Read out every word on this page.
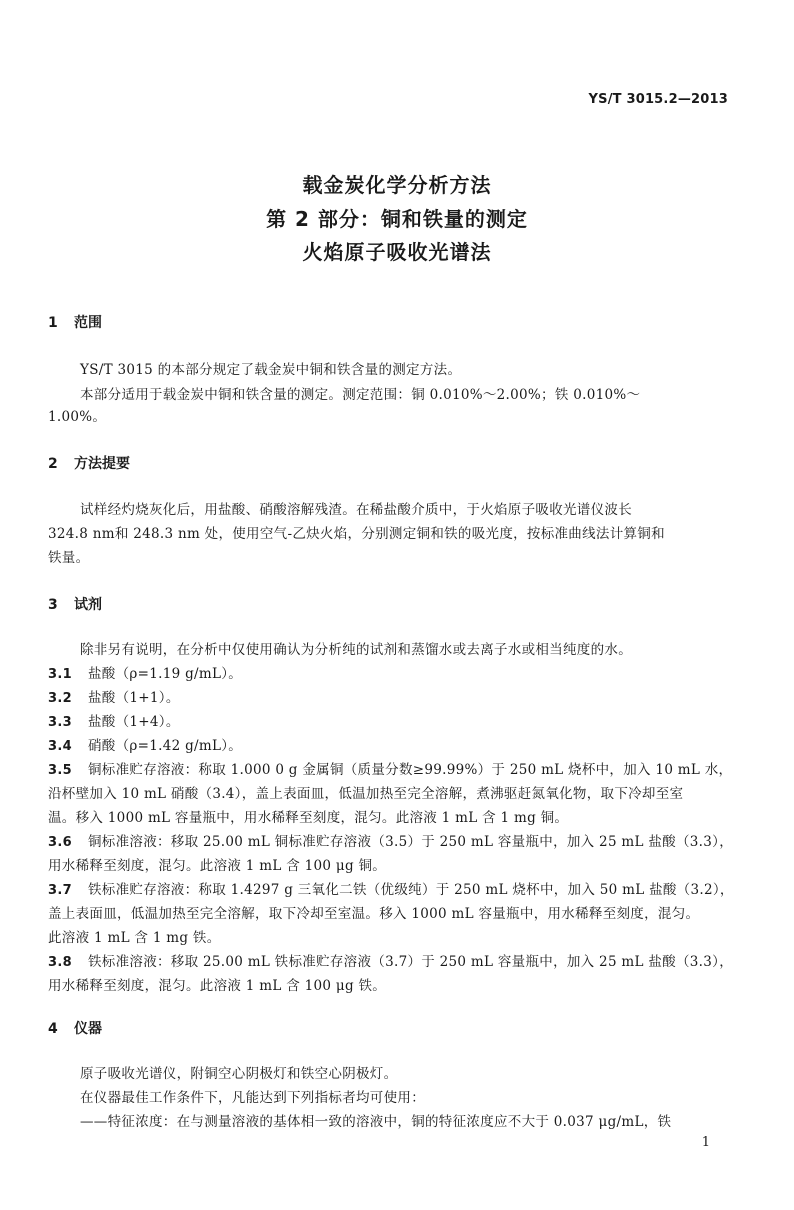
YS/T 3015.2—2013
载金炭化学分析方法
第 2 部分：铜和铁量的测定
火焰原子吸收光谱法
1 范围
YS/T 3015 的本部分规定了载金炭中铜和铁含量的测定方法。
本部分适用于载金炭中铜和铁含量的测定。测定范围：铜 0.010%～2.00%；铁 0.010%～
1.00%。
2 方法提要
试样经灼烧灰化后，用盐酸、硝酸溶解残渣。在稀盐酸介质中，于火焰原子吸收光谱仪波长
324.8 nm和 248.3 nm 处，使用空气-乙炔火焰，分别测定铜和铁的吸光度，按标准曲线法计算铜和
铁量。
3 试剂
除非另有说明，在分析中仅使用确认为分析纯的试剂和蒸馏水或去离子水或相当纯度的水。
3.1 盐酸（ρ=1.19 g/mL）。
3.2 盐酸（1+1）。
3.3 盐酸（1+4）。
3.4 硝酸（ρ=1.42 g/mL）。
3.5 铜标准贮存溶液：称取 1.000 0 g 金属铜（质量分数≥99.99%）于 250 mL 烧杯中，加入 10 mL 水，
沿杯壁加入 10 mL 硝酸（3.4），盖上表面皿，低温加热至完全溶解，煮沸驱赶氮氧化物，取下冷却至室
温。移入 1000 mL 容量瓶中，用水稀释至刻度，混匀。此溶液 1 mL 含 1 mg 铜。
3.6 铜标准溶液：移取 25.00 mL 铜标准贮存溶液（3.5）于 250 mL 容量瓶中，加入 25 mL 盐酸（3.3），
用水稀释至刻度，混匀。此溶液 1 mL 含 100 μg 铜。
3.7 铁标准贮存溶液：称取 1.4297 g 三氧化二铁（优级纯）于 250 mL 烧杯中，加入 50 mL 盐酸（3.2），
盖上表面皿，低温加热至完全溶解，取下冷却至室温。移入 1000 mL 容量瓶中，用水稀释至刻度，混匀。
此溶液 1 mL 含 1 mg 铁。
3.8 铁标准溶液：移取 25.00 mL 铁标准贮存溶液（3.7）于 250 mL 容量瓶中，加入 25 mL 盐酸（3.3），
用水稀释至刻度，混匀。此溶液 1 mL 含 100 μg 铁。
4 仪器
原子吸收光谱仪，附铜空心阴极灯和铁空心阴极灯。
在仪器最佳工作条件下，凡能达到下列指标者均可使用：
——特征浓度：在与测量溶液的基体相一致的溶液中，铜的特征浓度应不大于 0.037 μg/mL，铁
1
